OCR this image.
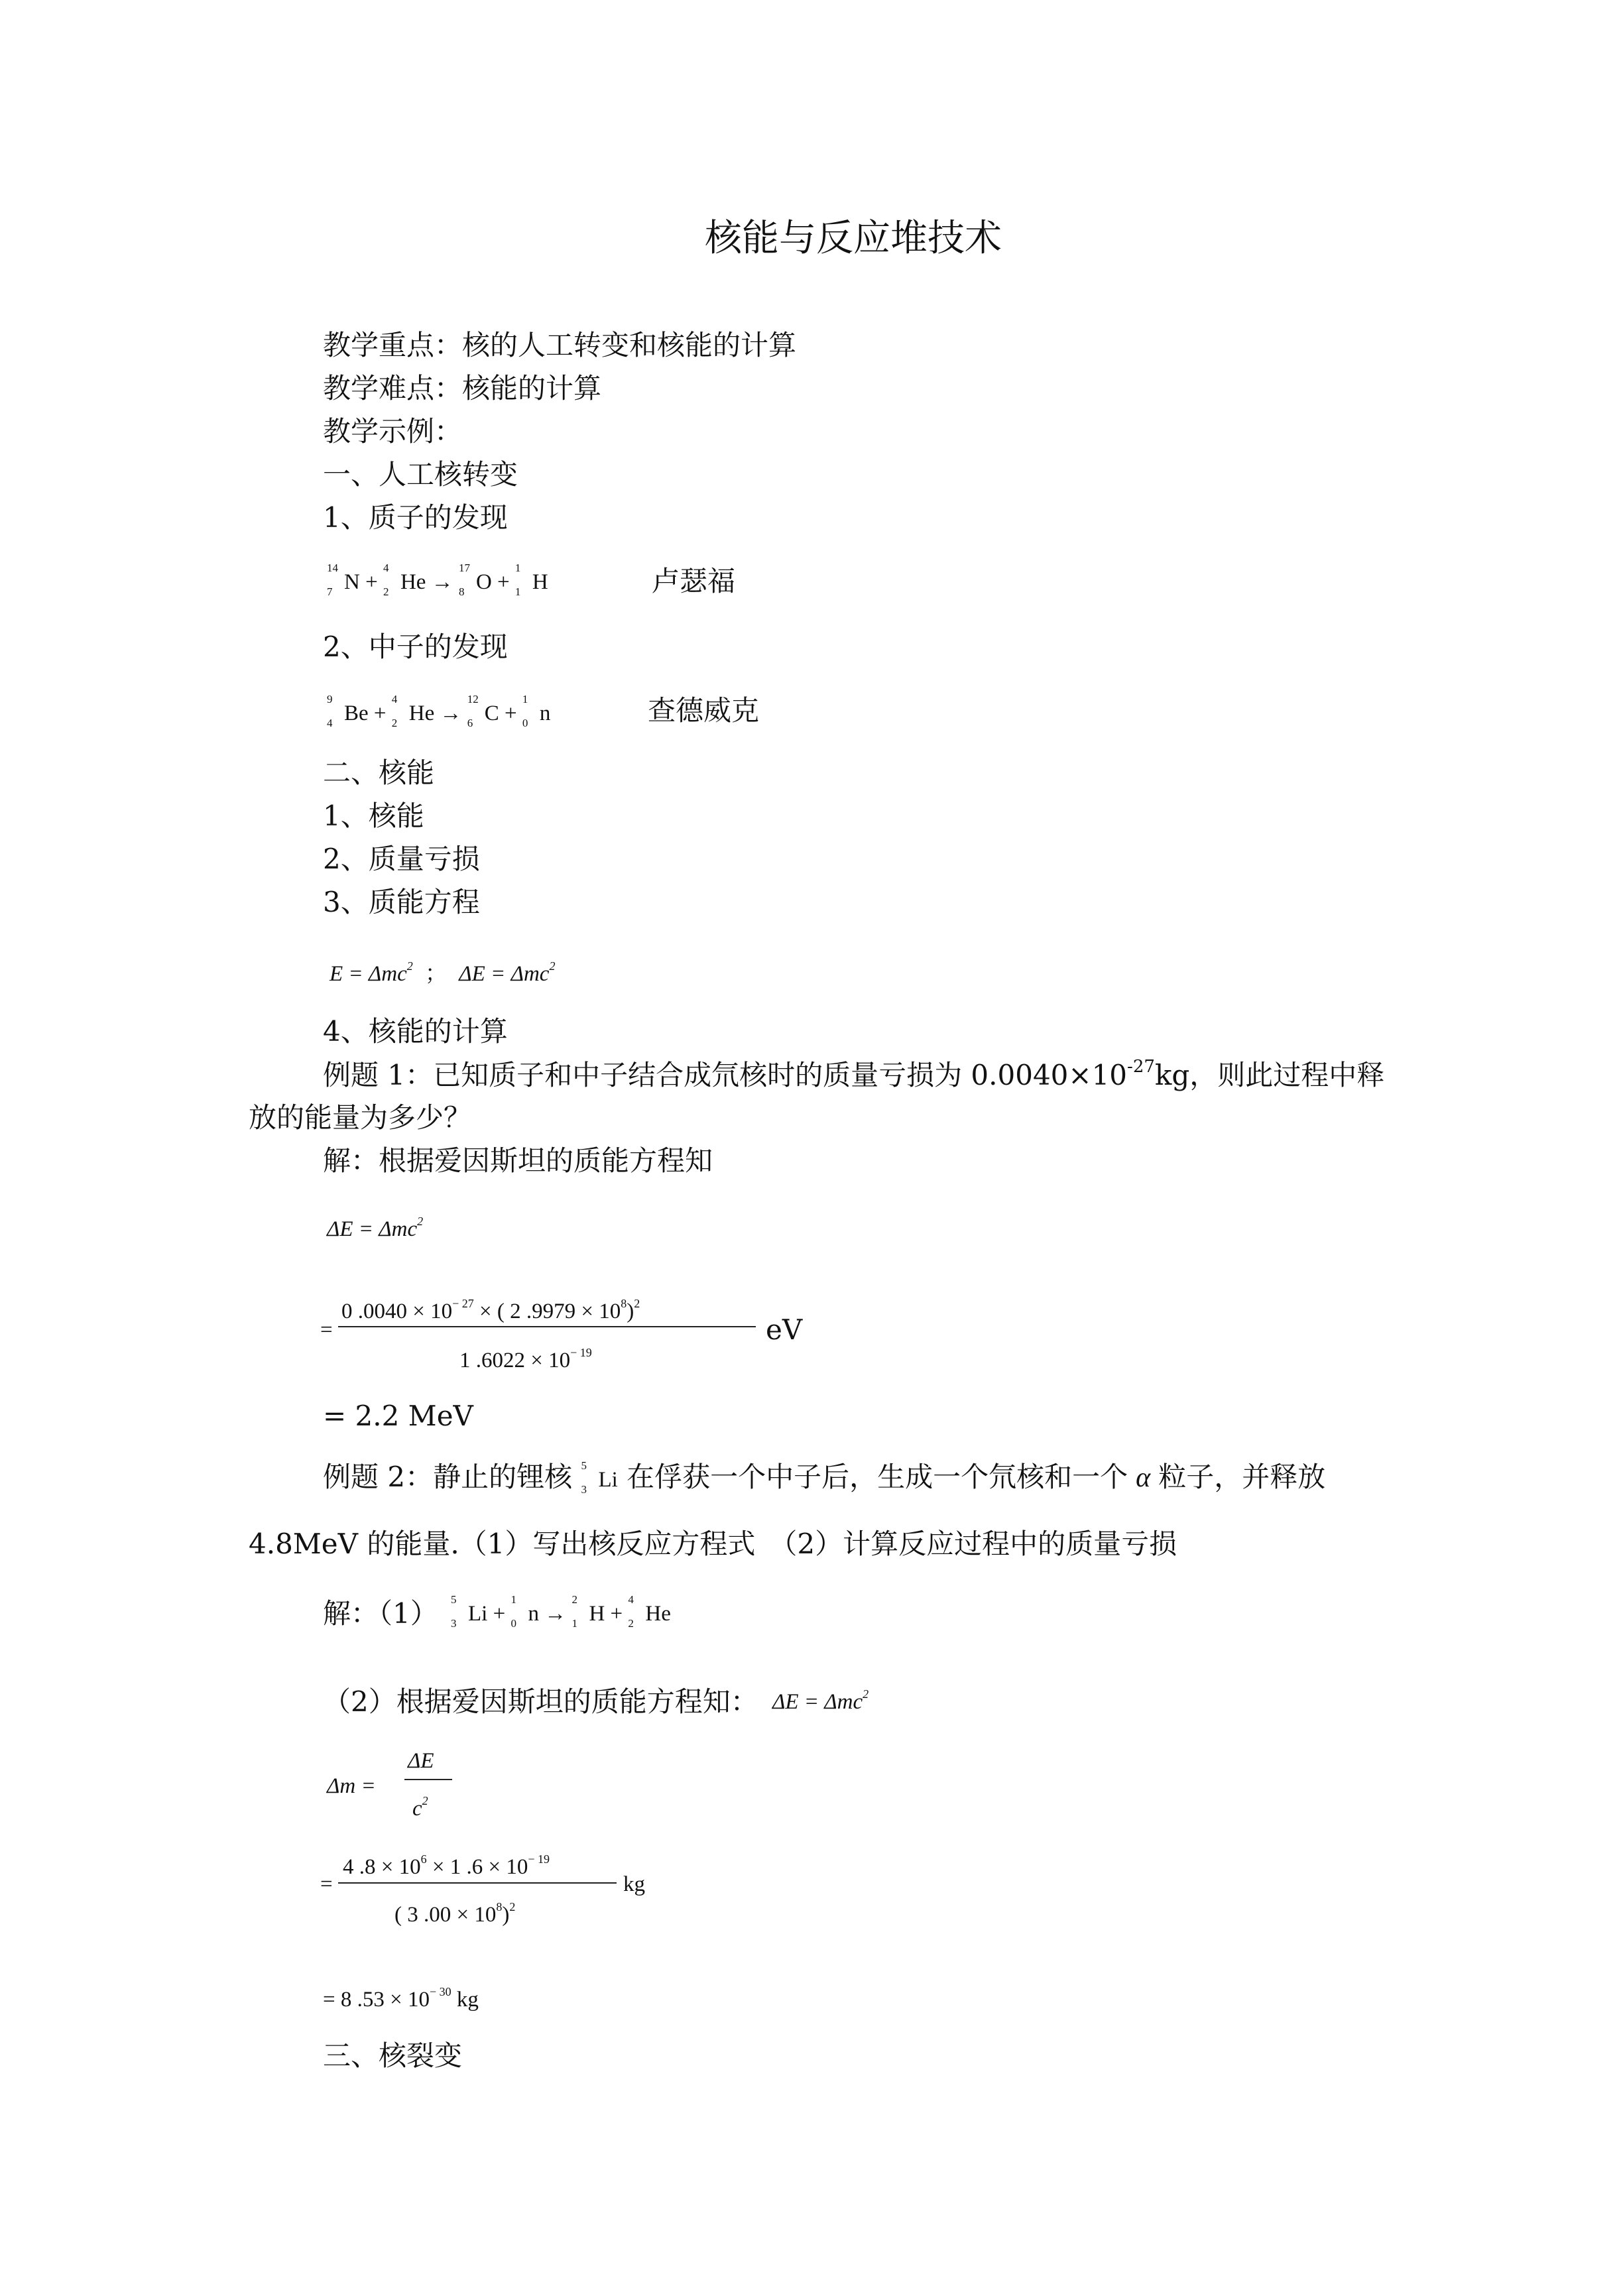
核能与反应堆技术
教学重点：核的人工转变和核能的计算
教学难点：核能的计算
教学示例：
一、人工核转变
1、质子的发现
14
7 N +
4
2 He →
17
8 O +
1
1 H	卢瑟福
2、中子的发现
9
4 Be +
4
2 He →
12
6 C +
1
0 n	查德威克
二、核能
1、核能
2、质量亏损
3、质能方程
E = Δmc$^2$ ； ΔE = Δmc$^2$
4、核能的计算
例题 1：已知质子和中子结合成氘核时的质量亏损为 $0.0040\times 10^{-27}kg$，则此过程中释
放的能量为多少？
解：根据爱因斯坦的质能方程知
ΔE = Δmc$^2$
=
0 $.0040 \times 10^{- 27}$ × ( 2 $.9979 \times 10^8)^2$
1 $.6022 \times 10^{- 19}$
eV
= 2.2 MeV
例题 2：静止的锂核 5
3 Li 在俘获一个中子后，生成一个氘核和一个 α 粒子，并释放
4.8MeV 的能量.（1）写出核反应方程式　（2）计算反应过程中的质量亏损
解：（1） 5
3 Li +
1
0 n →
2
1 H +
4
2 He
（2）根据爱因斯坦的质能方程知： ΔE = Δmc$^2$
Δm =
ΔE
$c^2$
=
4 $.8 \times 10^6 \times 1$ $.6 \times 10^{- 19}$
( 3 $.00 \times 10^8)^2$
kg
= 8 $.53 \times 10^{- 30}$ kg
三、核裂变
